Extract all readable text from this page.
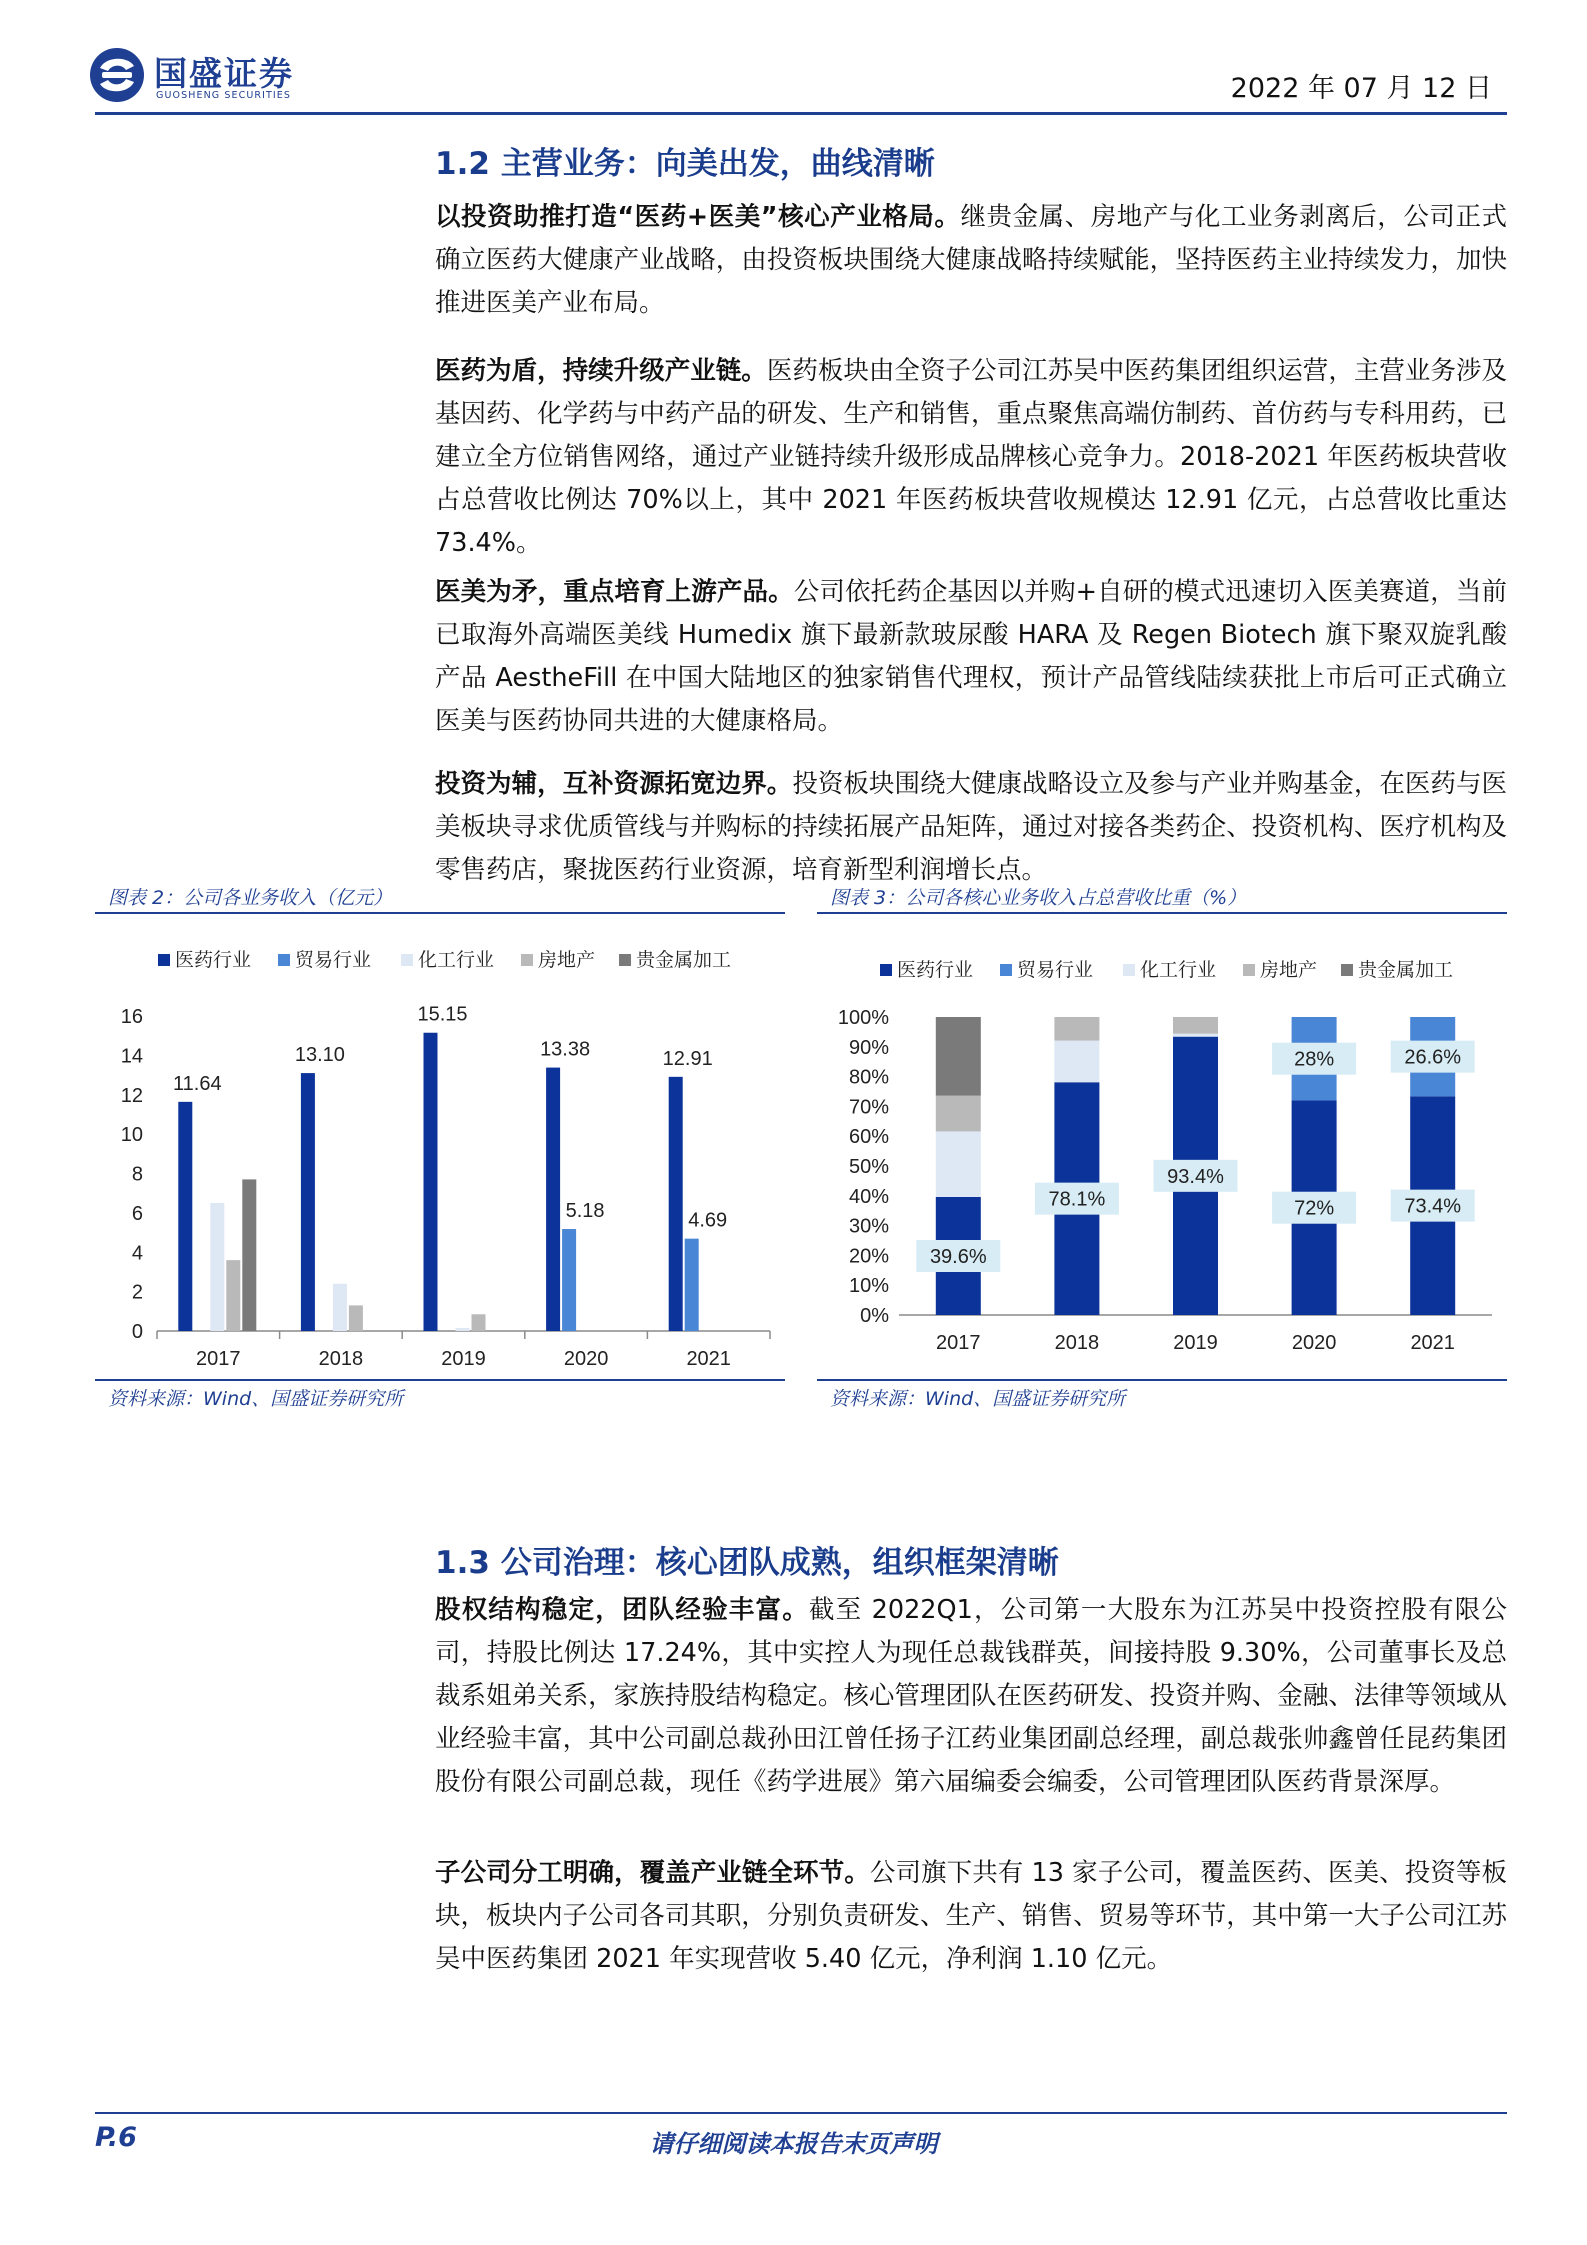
国盛证券
GUOSHENG SECURITIES	2022 年 07 月 12 日
1.2 主营业务：向美出发，曲线清晰
以投资助推打造“医药+医美”核心产业格局。继贵金属、房地产与化工业务剥离后，公司正式确立医药大健康产业战略，由投资板块围绕大健康战略持续赋能，坚持医药主业持续发力，加快推进医美产业布局。
医药为盾，持续升级产业链。医药板块由全资子公司江苏吴中医药集团组织运营，主营业务涉及基因药、化学药与中药产品的研发、生产和销售，重点聚焦高端仿制药、首仿药与专科用药，已建立全方位销售网络，通过产业链持续升级形成品牌核心竞争力。2018-2021 年医药板块营收占总营收比例达 70%以上，其中 2021 年医药板块营收规模达 12.91 亿元，占总营收比重达 73.4%。
医美为矛，重点培育上游产品。公司依托药企基因以并购+自研的模式迅速切入医美赛道，当前已取海外高端医美线 Humedix 旗下最新款玻尿酸 HARA 及 Regen Biotech 旗下聚双旋乳酸产品 AestheFill 在中国大陆地区的独家销售代理权，预计产品管线陆续获批上市后可正式确立医美与医药协同共进的大健康格局。
投资为辅，互补资源拓宽边界。投资板块围绕大健康战略设立及参与产业并购基金，在医药与医美板块寻求优质管线与并购标的持续拓展产品矩阵，通过对接各类药企、投资机构、医疗机构及零售药店，聚拢医药行业资源，培育新型利润增长点。
图表 2：公司各业务收入（亿元）
0
2
4
6
8
10
12
14
16
2017	2018	2019	2020	2021
11.64
13.10
15.15
13.38	12.91
5.18	4.69
医药行业 贸易行业 化工行业 房地产 贵金属加工
资料来源：Wind、国盛证券研究所
图表 3：公司各核心业务收入占总营收比重（%）
0%
10%
20%
30%
40%
50%
60%
70%
80%
90%
100%
2017	2018	2019	2020	2021
39.6%
78.1%
93.4%
72%	73.4%
28%	26.6%
医药行业 贸易行业 化工行业 房地产 贵金属加工
资料来源：Wind、国盛证券研究所
1.3 公司治理：核心团队成熟，组织框架清晰
股权结构稳定，团队经验丰富。截至 2022Q1，公司第一大股东为江苏吴中投资控股有限公司，持股比例达 17.24%，其中实控人为现任总裁钱群英，间接持股 9.30%，公司董事长及总裁系姐弟关系，家族持股结构稳定。核心管理团队在医药研发、投资并购、金融、法律等领域从业经验丰富，其中公司副总裁孙田江曾任扬子江药业集团副总经理，副总裁张帅鑫曾任昆药集团股份有限公司副总裁，现任《药学进展》第六届编委会编委，公司管理团队医药背景深厚。
子公司分工明确，覆盖产业链全环节。公司旗下共有 13 家子公司，覆盖医药、医美、投资等板块，板块内子公司各司其职，分别负责研发、生产、销售、贸易等环节，其中第一大子公司江苏吴中医药集团 2021 年实现营收 5.40 亿元，净利润 1.10 亿元。
P.6	请仔细阅读本报告末页声明
